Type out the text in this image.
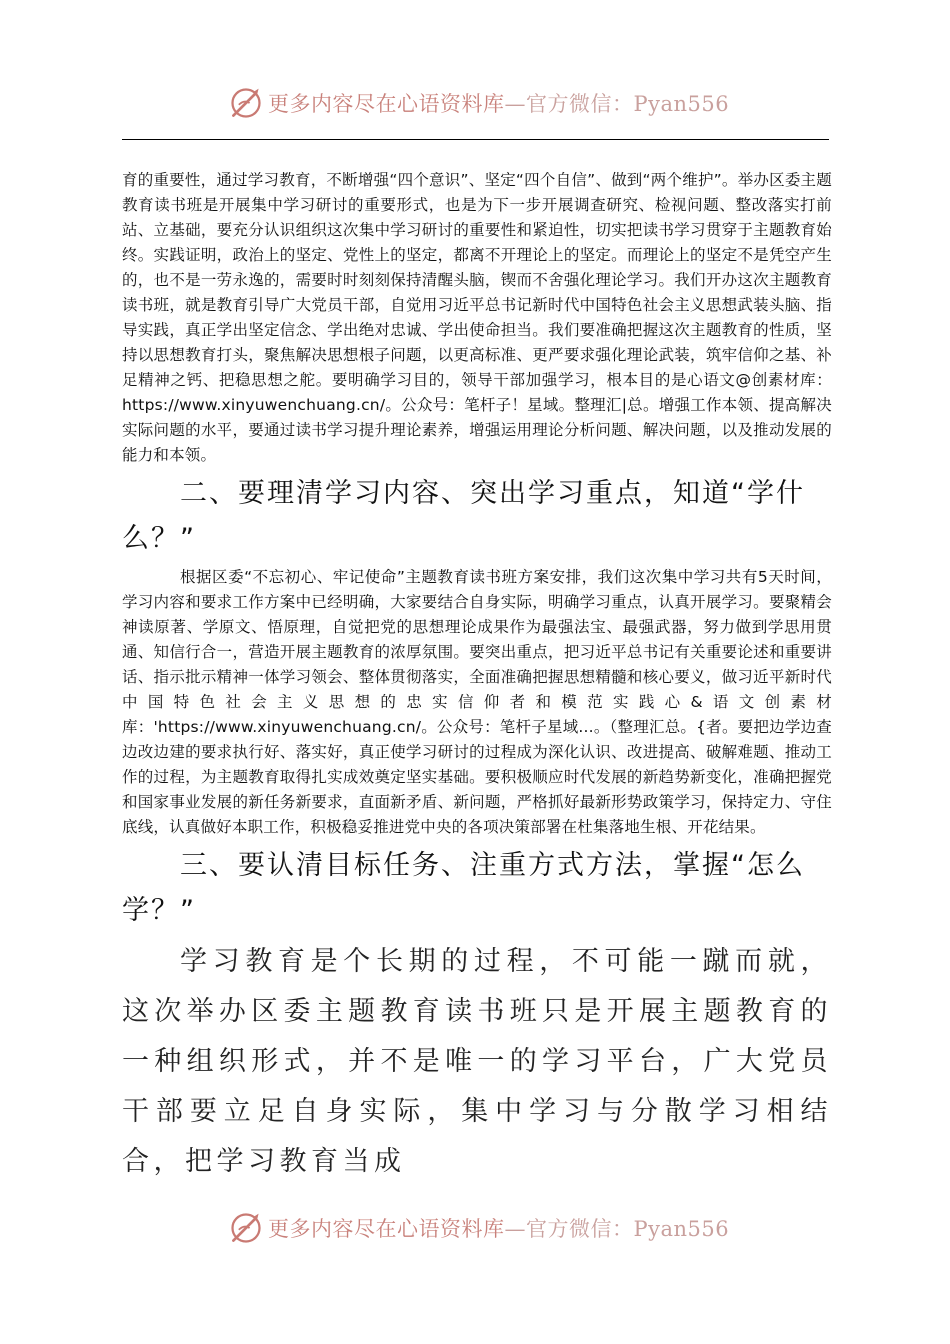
更多内容尽在心语资料库—官方微信：Pyan556

育的重要性，通过学习教育，不断增强“四个意识”、坚定“四个自信”、做到“两个维护”。举办区委主题教育读书班是开展集中学习研讨的重要形式，也是为下一步开展调查研究、检视问题、整改落实打前站、立基础，要充分认识组织这次集中学习研讨的重要性和紧迫性，切实把读书学习贯穿于主题教育始终。实践证明，政治上的坚定、党性上的坚定，都离不开理论上的坚定。而理论上的坚定不是凭空产生的，也不是一劳永逸的，需要时时刻刻保持清醒头脑，锲而不舍强化理论学习。我们开办这次主题教育读书班，就是教育引导广大党员干部，自觉用习近平总书记新时代中国特色社会主义思想武装头脑、指导实践，真正学出坚定信念、学出绝对忠诚、学出使命担当。我们要准确把握这次主题教育的性质，坚持以思想教育打头，聚焦解决思想根子问题，以更高标准、更严要求强化理论武装，筑牢信仰之基、补足精神之钙、把稳思想之舵。要明确学习目的，领导干部加强学习，根本目的是心语文@创素材库：https://www.xinyuwenchuang.cn/。公众号：笔杆子！星域。整理汇|总。增强工作本领、提高解决实际问题的水平，要通过读书学习提升理论素养，增强运用理论分析问题、解决问题，以及推动发展的能力和本领。

二、要理清学习内容、突出学习重点，知道“学什么？”

根据区委“不忘初心、牢记使命”主题教育读书班方案安排，我们这次集中学习共有5天时间，学习内容和要求工作方案中已经明确，大家要结合自身实际，明确学习重点，认真开展学习。要聚精会神读原著、学原文、悟原理，自觉把党的思想理论成果作为最强法宝、最强武器，努力做到学思用贯通、知信行合一，营造开展主题教育的浓厚氛围。要突出重点，把习近平总书记有关重要论述和重要讲话、指示批示精神一体学习领会、整体贯彻落实，全面准确把握思想精髓和核心要义，做习近平新时代中国特色社会主义思想的忠实信仰者和模范实践心&语文创素材库：'https://www.xinyuwenchuang.cn/。公众号：笔杆子星域...。（整理汇总。{者。要把边学边查边改边建的要求执行好、落实好，真正使学习研讨的过程成为深化认识、改进提高、破解难题、推动工作的过程，为主题教育取得扎实成效奠定坚实基础。要积极顺应时代发展的新趋势新变化，准确把握党和国家事业发展的新任务新要求，直面新矛盾、新问题，严格抓好最新形势政策学习，保持定力、守住底线，认真做好本职工作，积极稳妥推进党中央的各项决策部署在杜集落地生根、开花结果。

三、要认清目标任务、注重方式方法，掌握“怎么学？”

学习教育是个长期的过程，不可能一蹴而就，这次举办区委主题教育读书班只是开展主题教育的一种组织形式，并不是唯一的学习平台，广大党员干部要立足自身实际，集中学习与分散学习相结合，把学习教育当成

更多内容尽在心语资料库—官方微信：Pyan556
